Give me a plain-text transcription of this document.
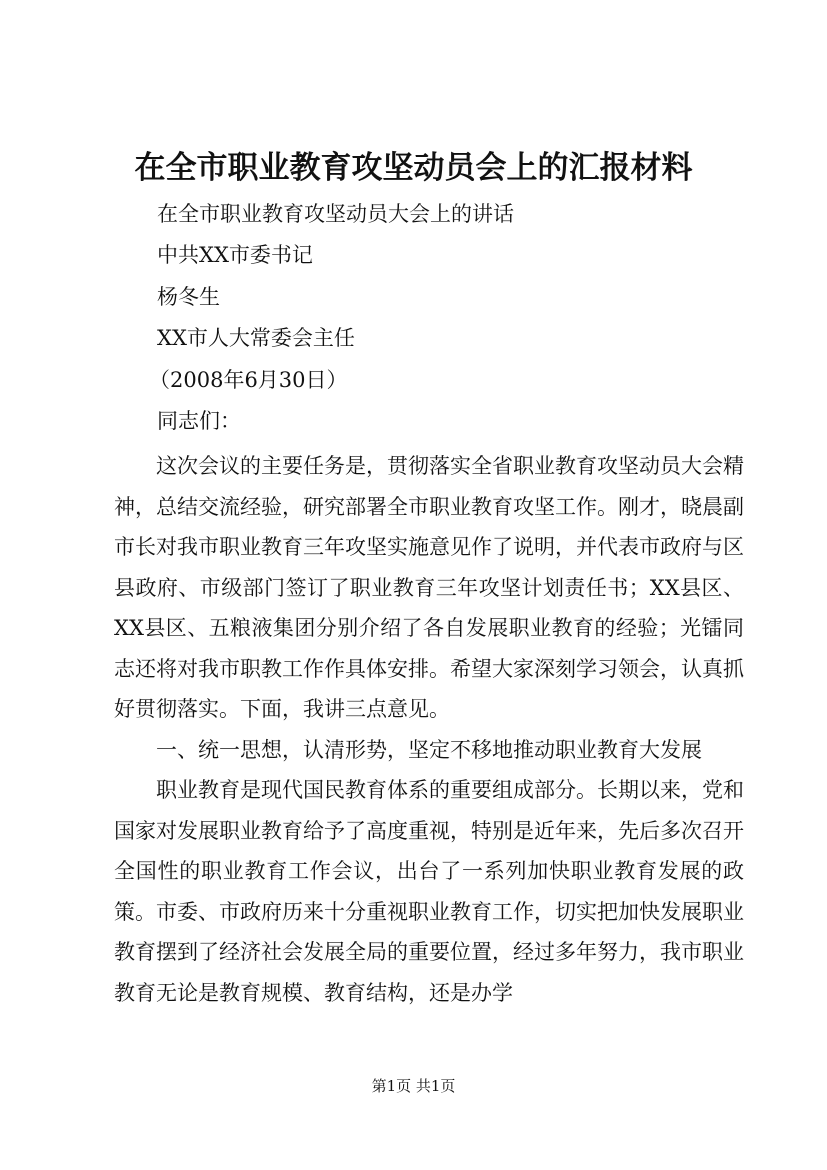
在全市职业教育攻坚动员会上的汇报材料
在全市职业教育攻坚动员大会上的讲话
中共XX市委书记
杨冬生
XX市人大常委会主任
（2008年6月30日）
同志们：

这次会议的主要任务是，贯彻落实全省职业教育攻坚动员大会精神，总结交流经验，研究部署全市职业教育攻坚工作。刚才，晓晨副市长对我市职业教育三年攻坚实施意见作了说明，并代表市政府与区县政府、市级部门签订了职业教育三年攻坚计划责任书；XX县区、XX县区、五粮液集团分别介绍了各自发展职业教育的经验；光镭同志还将对我市职教工作作具体安排。希望大家深刻学习领会，认真抓好贯彻落实。下面，我讲三点意见。

一、统一思想，认清形势，坚定不移地推动职业教育大发展

职业教育是现代国民教育体系的重要组成部分。长期以来，党和国家对发展职业教育给予了高度重视，特别是近年来，先后多次召开全国性的职业教育工作会议，出台了一系列加快职业教育发展的政策。市委、市政府历来十分重视职业教育工作，切实把加快发展职业教育摆到了经济社会发展全局的重要位置，经过多年努力，我市职业教育无论是教育规模、教育结构，还是办学

第1页 共1页
